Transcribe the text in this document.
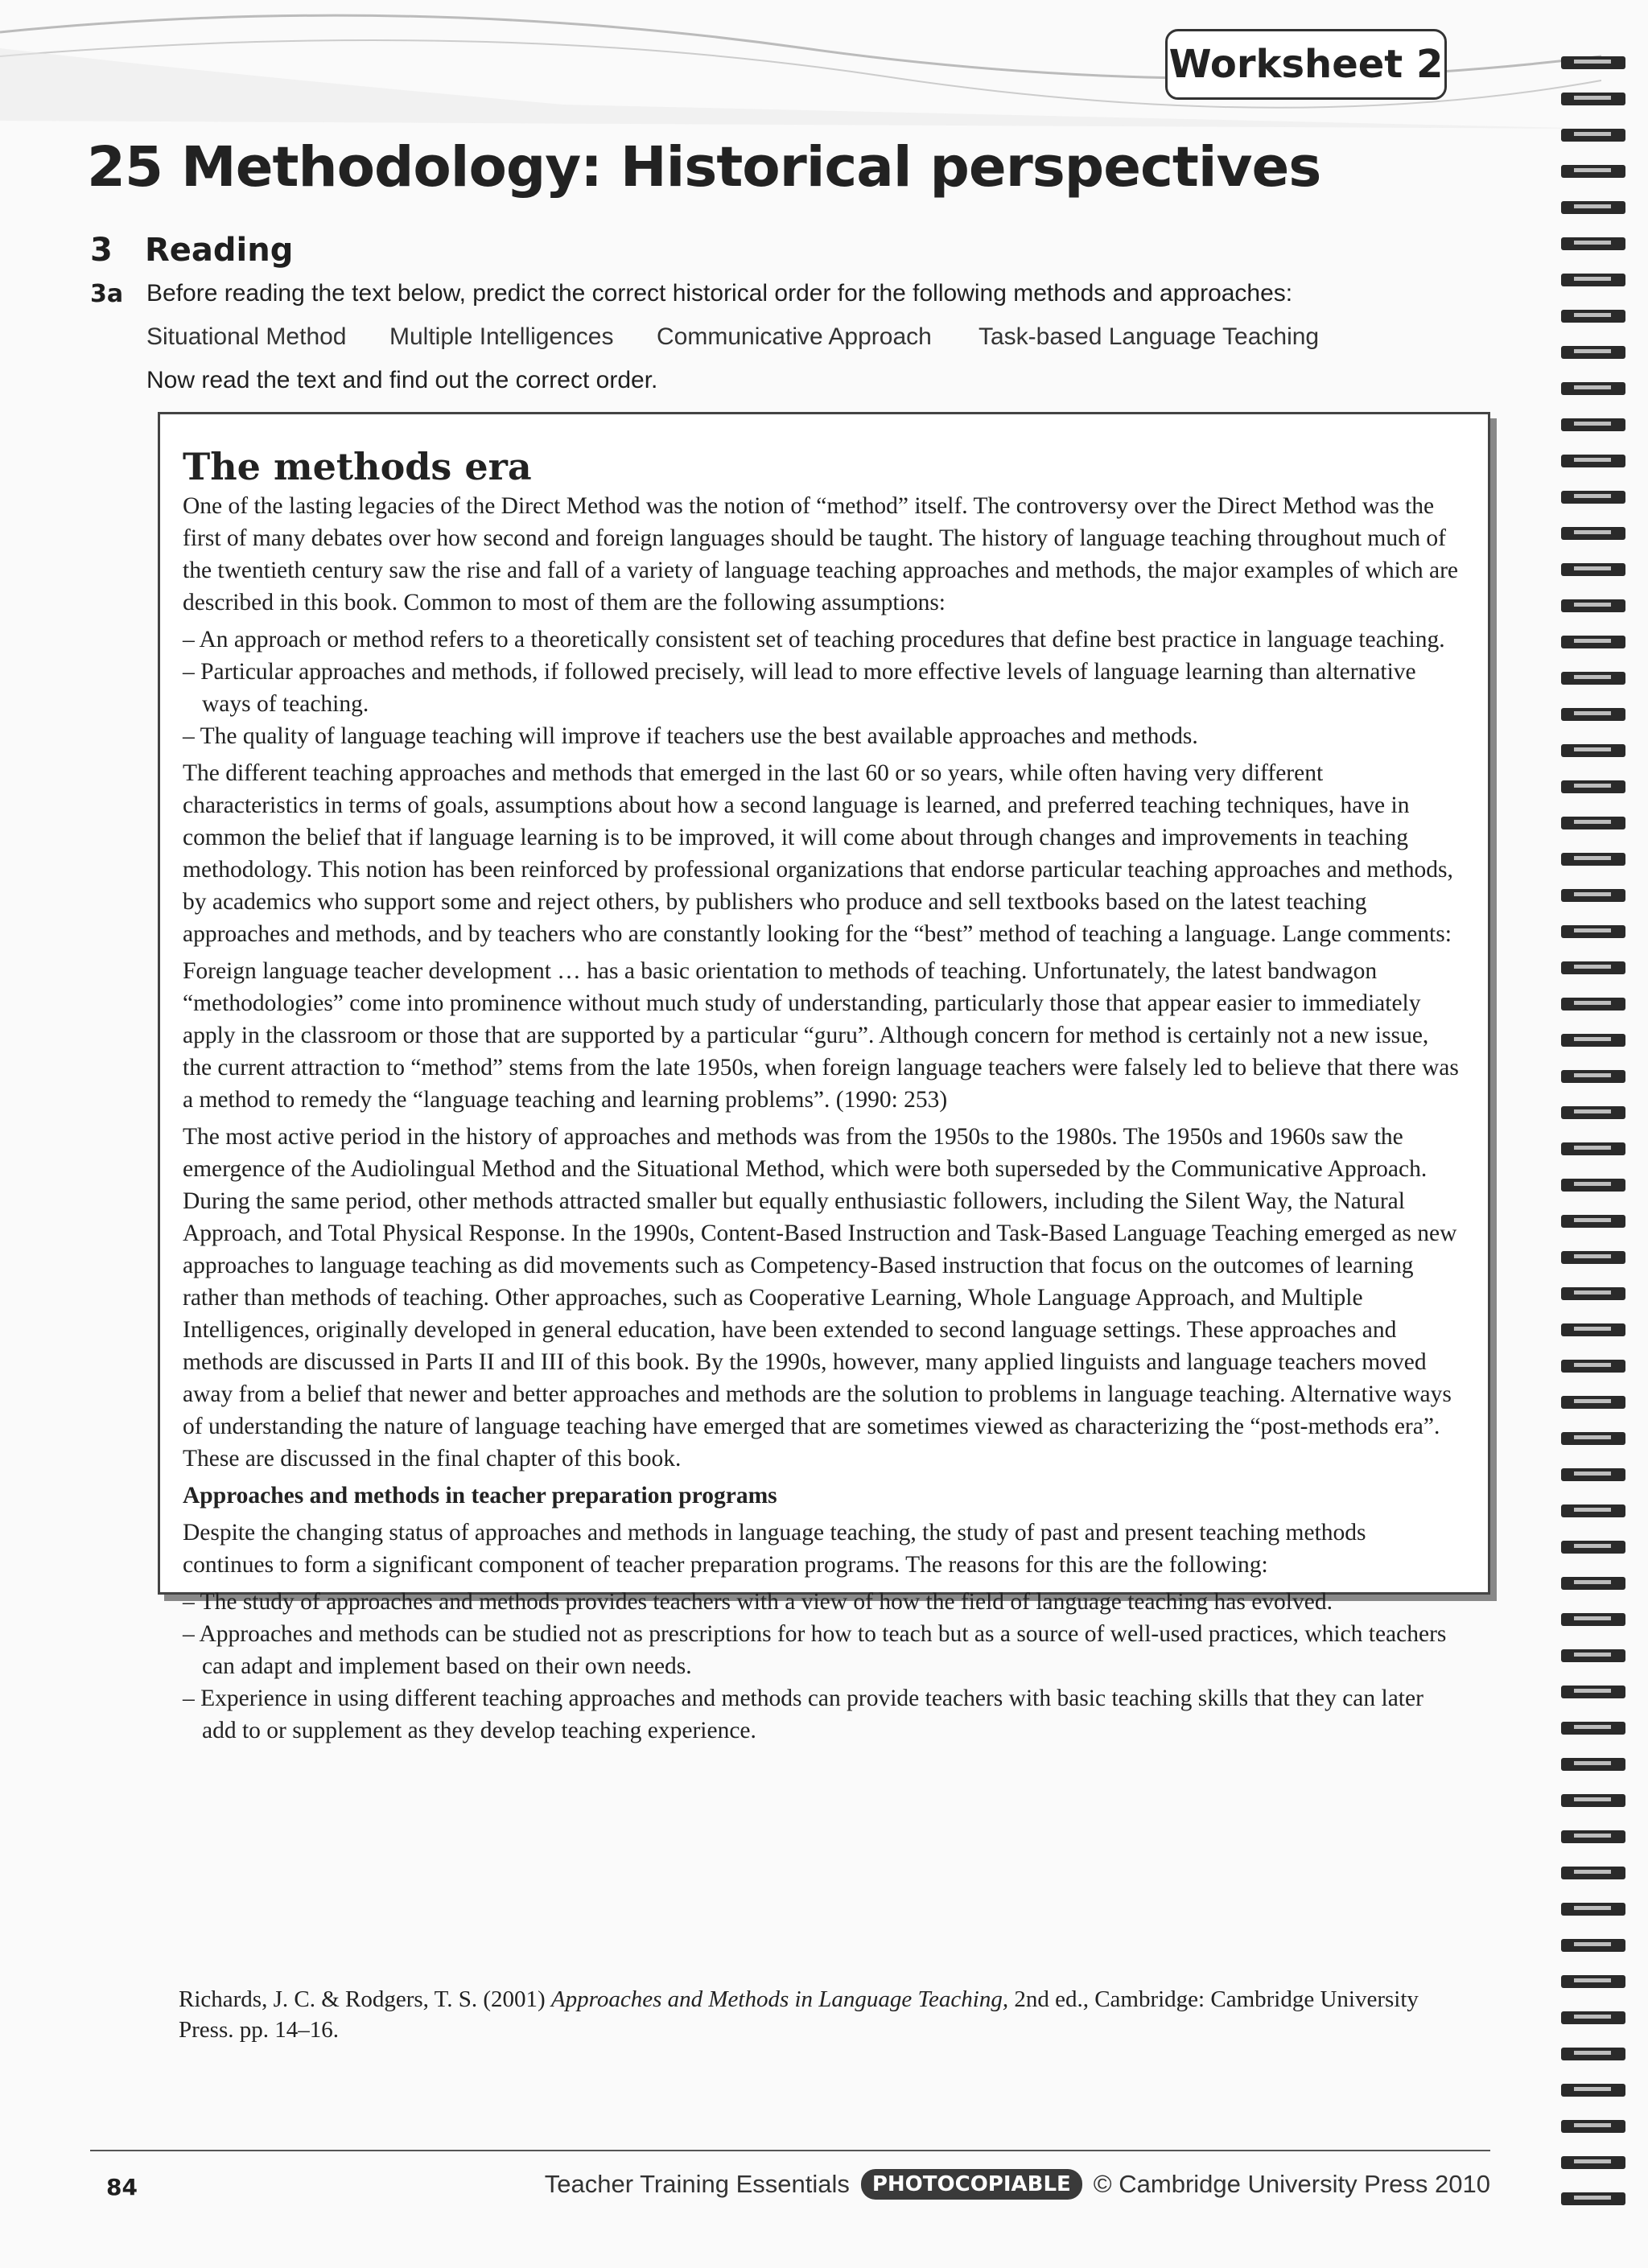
Worksheet 2
25 Methodology: Historical perspectives
3 Reading
3a Before reading the text below, predict the correct historical order for the following methods and approaches:
Situational Method Multiple Intelligences Communicative Approach Task-based Language Teaching
Now read the text and find out the correct order.
The methods era

One of the lasting legacies of the Direct Method was the notion of “method” itself. The controversy over the Direct Method was the first of many debates over how second and foreign languages should be taught. The history of language teaching throughout much of the twentieth century saw the rise and fall of a variety of language teaching approaches and methods, the major examples of which are described in this book. Common to most of them are the following assumptions:

– An approach or method refers to a theoretically consistent set of teaching procedures that define best practice in language teaching.
– Particular approaches and methods, if followed precisely, will lead to more effective levels of language learning than alternative ways of teaching.
– The quality of language teaching will improve if teachers use the best available approaches and methods.

The different teaching approaches and methods that emerged in the last 60 or so years, while often having very different characteristics in terms of goals, assumptions about how a second language is learned, and preferred teaching techniques, have in common the belief that if language learning is to be improved, it will come about through changes and improvements in teaching methodology. This notion has been reinforced by professional organizations that endorse particular teaching approaches and methods, by academics who support some and reject others, by publishers who produce and sell textbooks based on the latest teaching approaches and methods, and by teachers who are constantly looking for the “best” method of teaching a language. Lange comments:

Foreign language teacher development … has a basic orientation to methods of teaching. Unfortunately, the latest bandwagon “methodologies” come into prominence without much study of understanding, particularly those that appear easier to immediately apply in the classroom or those that are supported by a particular “guru”. Although concern for method is certainly not a new issue, the current attraction to “method” stems from the late 1950s, when foreign language teachers were falsely led to believe that there was a method to remedy the “language teaching and learning problems”. (1990: 253)

The most active period in the history of approaches and methods was from the 1950s to the 1980s. The 1950s and 1960s saw the emergence of the Audiolingual Method and the Situational Method, which were both superseded by the Communicative Approach. During the same period, other methods attracted smaller but equally enthusiastic followers, including the Silent Way, the Natural Approach, and Total Physical Response. In the 1990s, Content-Based Instruction and Task-Based Language Teaching emerged as new approaches to language teaching as did movements such as Competency-Based instruction that focus on the outcomes of learning rather than methods of teaching. Other approaches, such as Cooperative Learning, Whole Language Approach, and Multiple Intelligences, originally developed in general education, have been extended to second language settings. These approaches and methods are discussed in Parts II and III of this book. By the 1990s, however, many applied linguists and language teachers moved away from a belief that newer and better approaches and methods are the solution to problems in language teaching. Alternative ways of understanding the nature of language teaching have emerged that are sometimes viewed as characterizing the “post-methods era”. These are discussed in the final chapter of this book.

Approaches and methods in teacher preparation programs

Despite the changing status of approaches and methods in language teaching, the study of past and present teaching methods continues to form a significant component of teacher preparation programs. The reasons for this are the following:

– The study of approaches and methods provides teachers with a view of how the field of language teaching has evolved.
– Approaches and methods can be studied not as prescriptions for how to teach but as a source of well-used practices, which teachers can adapt and implement based on their own needs.
– Experience in using different teaching approaches and methods can provide teachers with basic teaching skills that they can later add to or supplement as they develop teaching experience.
Richards, J. C. & Rodgers, T. S. (2001) Approaches and Methods in Language Teaching, 2nd ed., Cambridge: Cambridge University Press. pp. 14–16.
84	Teacher Training Essentials	PHOTOCOPIABLE © Cambridge University Press 2010
